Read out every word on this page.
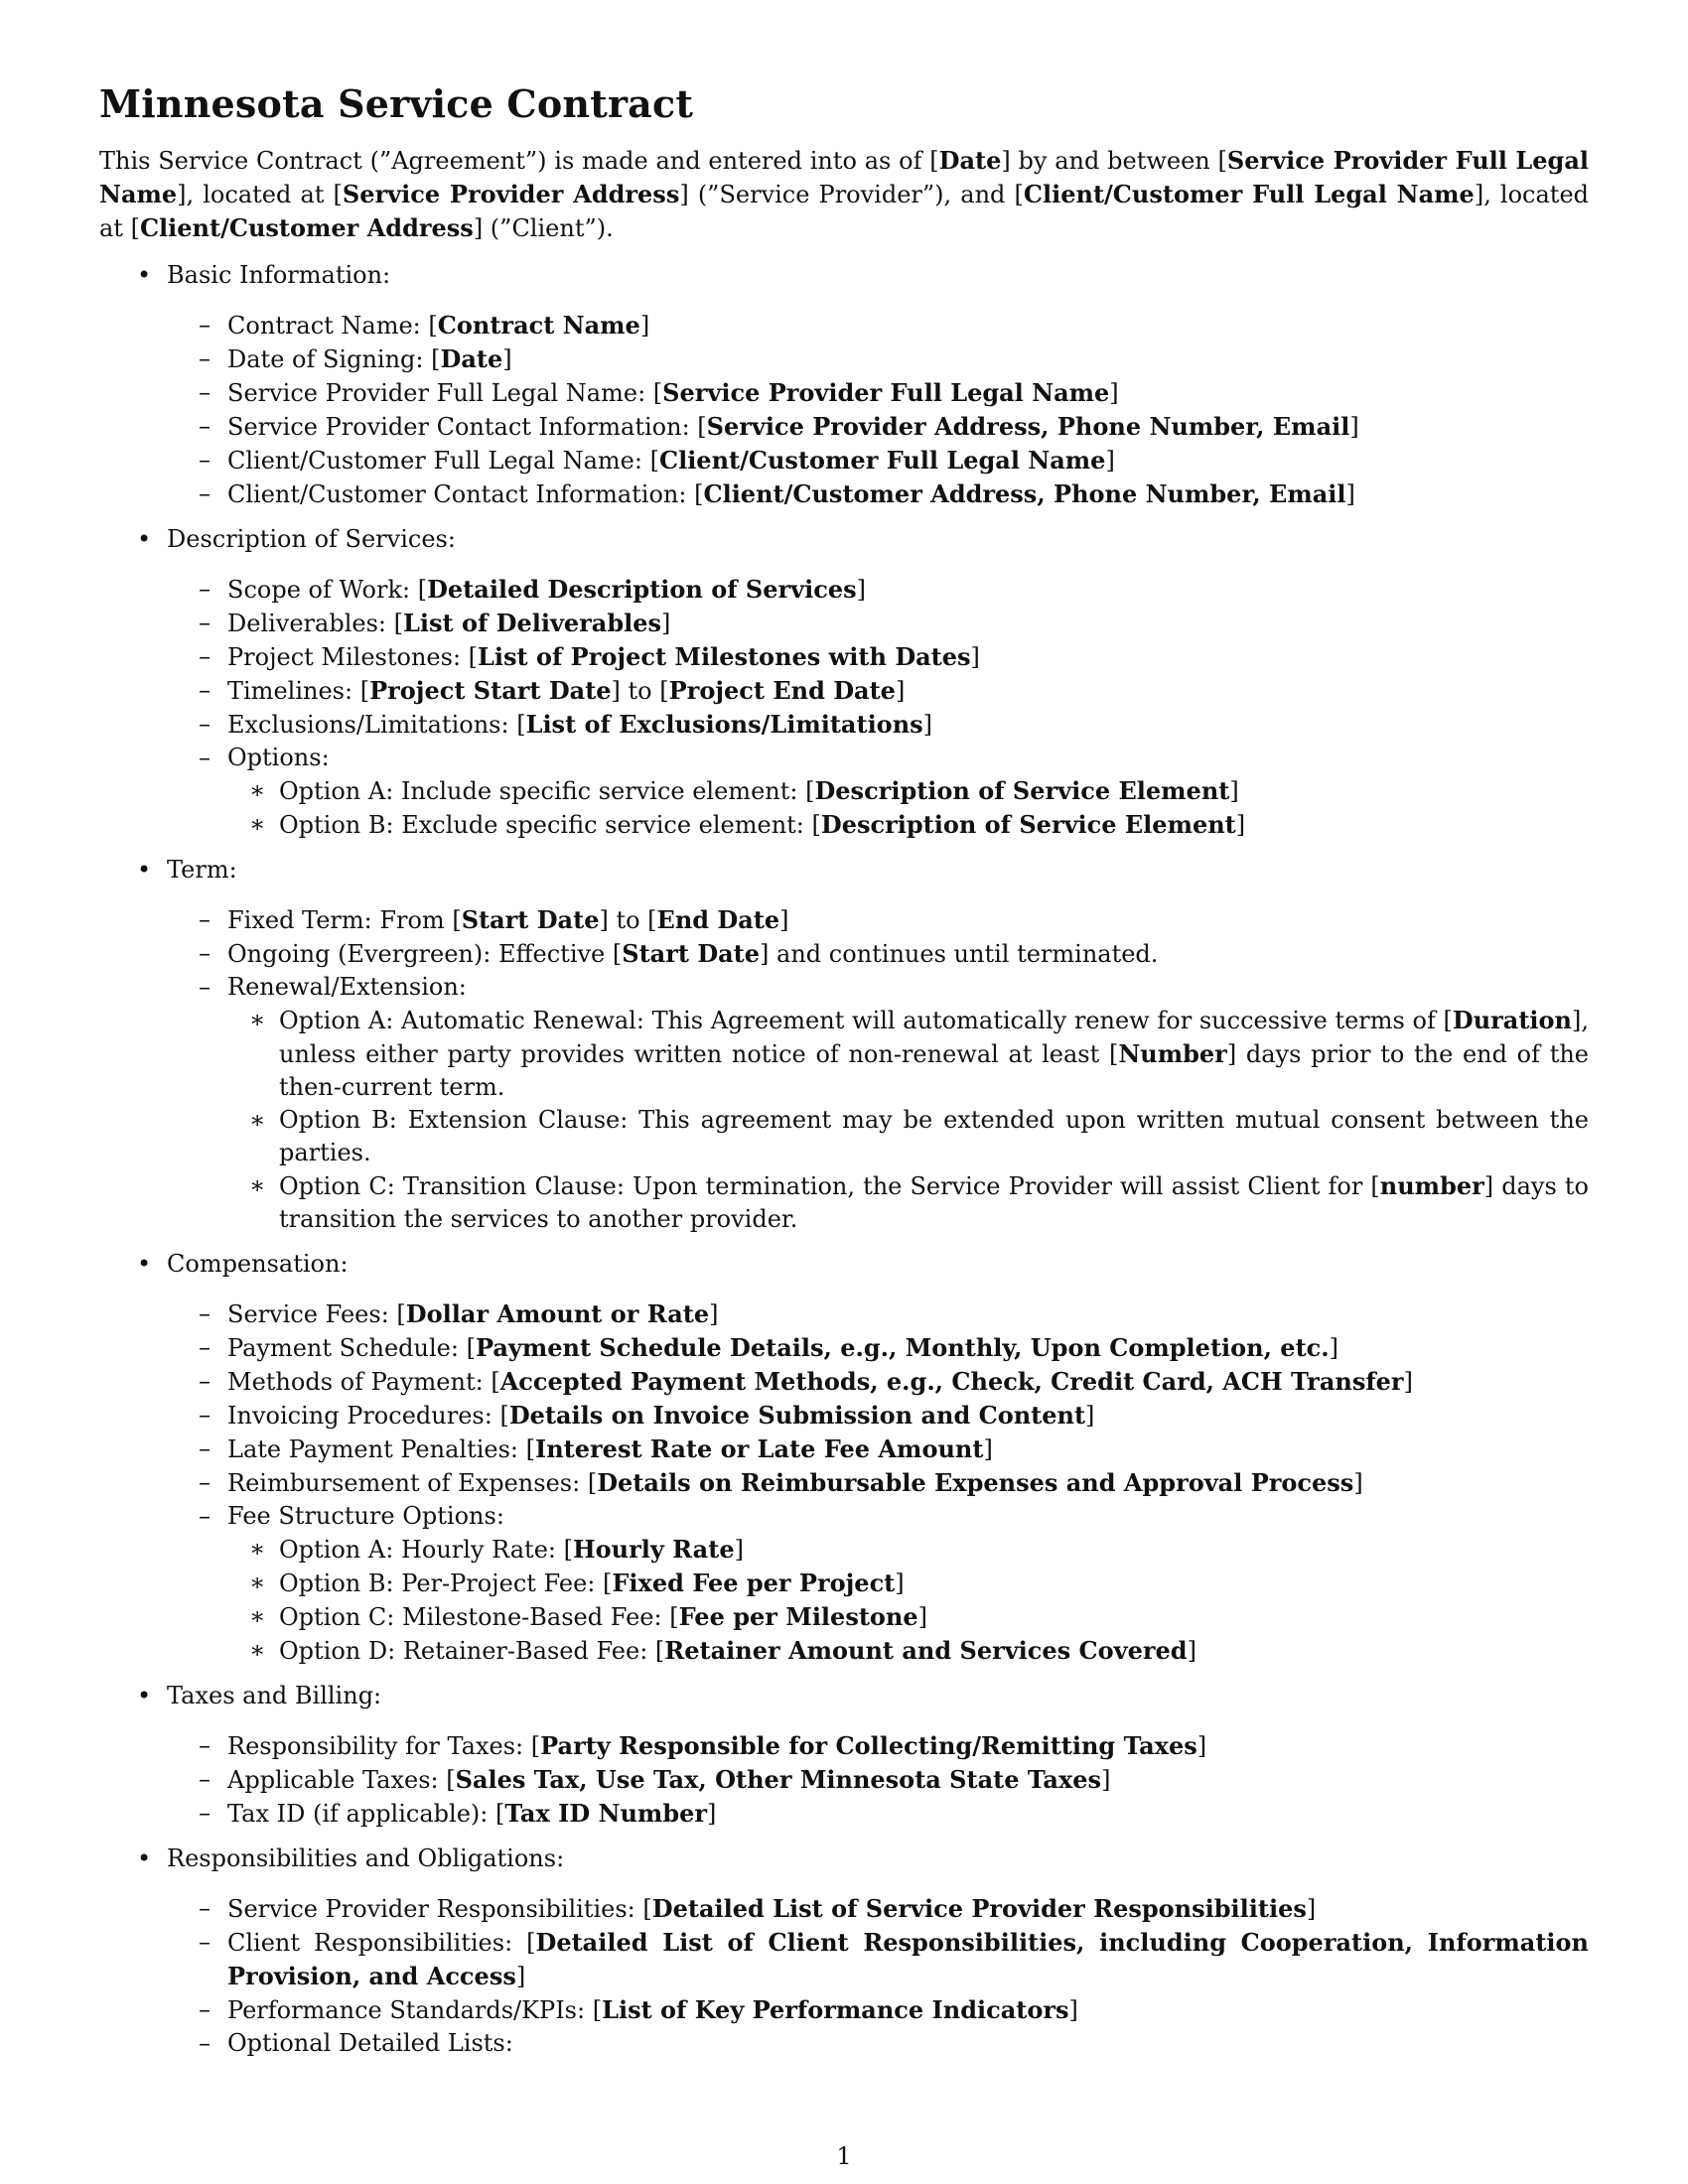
Minnesota Service Contract

This Service Contract (”Agreement”) is made and entered into as of [Date] by and between [Service Provider Full Legal Name], located at [Service Provider Address] (”Service Provider”), and [Client/Customer Full Legal Name], located at [Client/Customer Address] (”Client”).

• Basic Information:
– Contract Name: [Contract Name]
– Date of Signing: [Date]
– Service Provider Full Legal Name: [Service Provider Full Legal Name]
– Service Provider Contact Information: [Service Provider Address, Phone Number, Email]
– Client/Customer Full Legal Name: [Client/Customer Full Legal Name]
– Client/Customer Contact Information: [Client/Customer Address, Phone Number, Email]
• Description of Services:
– Scope of Work: [Detailed Description of Services]
– Deliverables: [List of Deliverables]
– Project Milestones: [List of Project Milestones with Dates]
– Timelines: [Project Start Date] to [Project End Date]
– Exclusions/Limitations: [List of Exclusions/Limitations]
– Options:
∗ Option A: Include specific service element: [Description of Service Element]
∗ Option B: Exclude specific service element: [Description of Service Element]
• Term:
– Fixed Term: From [Start Date] to [End Date]
– Ongoing (Evergreen): Effective [Start Date] and continues until terminated.
– Renewal/Extension:
∗ Option A: Automatic Renewal: This Agreement will automatically renew for successive terms of [Duration], unless either party provides written notice of non-renewal at least [Number] days prior to the end of the then-current term.
∗ Option B: Extension Clause: This agreement may be extended upon written mutual consent between the parties.
∗ Option C: Transition Clause: Upon termination, the Service Provider will assist Client for [number] days to transition the services to another provider.
• Compensation:
– Service Fees: [Dollar Amount or Rate]
– Payment Schedule: [Payment Schedule Details, e.g., Monthly, Upon Completion, etc.]
– Methods of Payment: [Accepted Payment Methods, e.g., Check, Credit Card, ACH Transfer]
– Invoicing Procedures: [Details on Invoice Submission and Content]
– Late Payment Penalties: [Interest Rate or Late Fee Amount]
– Reimbursement of Expenses: [Details on Reimbursable Expenses and Approval Process]
– Fee Structure Options:
∗ Option A: Hourly Rate: [Hourly Rate]
∗ Option B: Per-Project Fee: [Fixed Fee per Project]
∗ Option C: Milestone-Based Fee: [Fee per Milestone]
∗ Option D: Retainer-Based Fee: [Retainer Amount and Services Covered]
• Taxes and Billing:
– Responsibility for Taxes: [Party Responsible for Collecting/Remitting Taxes]
– Applicable Taxes: [Sales Tax, Use Tax, Other Minnesota State Taxes]
– Tax ID (if applicable): [Tax ID Number]
• Responsibilities and Obligations:
– Service Provider Responsibilities: [Detailed List of Service Provider Responsibilities]
– Client Responsibilities: [Detailed List of Client Responsibilities, including Cooperation, Information Provision, and Access]
– Performance Standards/KPIs: [List of Key Performance Indicators]
– Optional Detailed Lists:
1
